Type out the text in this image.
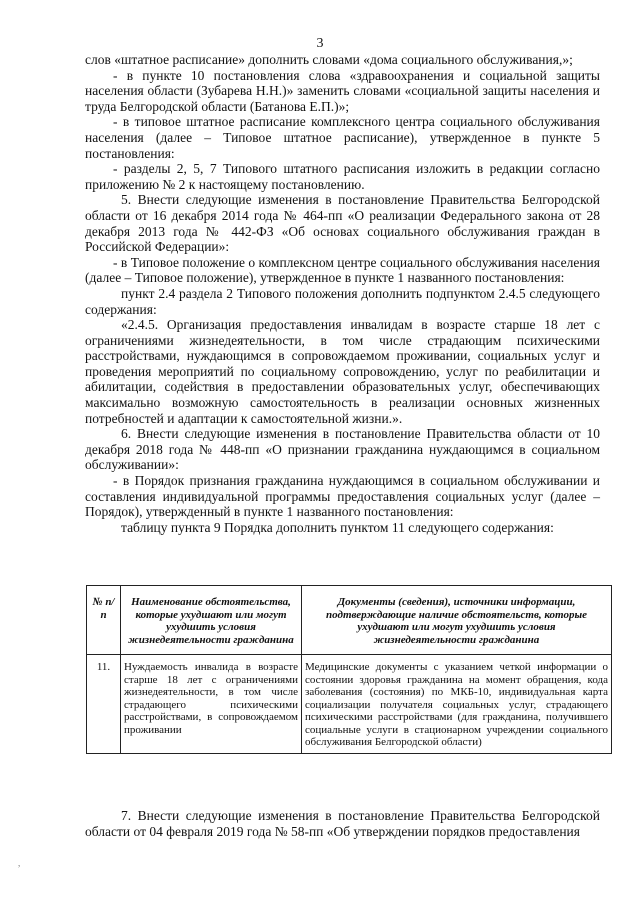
3

слов «штатное расписание» дополнить словами «дома социального обслуживания,»;

- в пункте 10 постановления слова «здравоохранения и социальной защиты населения области (Зубарева Н.Н.)» заменить словами «социальной защиты населения и труда Белгородской области (Батанова Е.П.)»;

- в типовое штатное расписание комплексного центра социального обслуживания населения (далее – Типовое штатное расписание), утвержденное в пункте 5 постановления:

- разделы 2, 5, 7 Типового штатного расписания изложить в редакции согласно приложению № 2 к настоящему постановлению.

5. Внести следующие изменения в постановление Правительства Белгородской области от 16 декабря 2014 года № 464-пп «О реализации Федерального закона от 28 декабря 2013 года № 442-ФЗ «Об основах социального обслуживания граждан в Российской Федерации»:

- в Типовое положение о комплексном центре социального обслуживания населения (далее – Типовое положение), утвержденное в пункте 1 названного постановления:

пункт 2.4 раздела 2 Типового положения дополнить подпунктом 2.4.5 следующего содержания:

«2.4.5. Организация предоставления инвалидам в возрасте старше 18 лет с ограничениями жизнедеятельности, в том числе страдающим психическими расстройствами, нуждающимся в сопровождаемом проживании, социальных услуг и проведения мероприятий по социальному сопровождению, услуг по реабилитации и абилитации, содействия в предоставлении образовательных услуг, обеспечивающих максимально возможную самостоятельность в реализации основных жизненных потребностей и адаптации к самостоятельной жизни.».

6. Внести следующие изменения в постановление Правительства области от 10 декабря 2018 года № 448-пп «О признании гражданина нуждающимся в социальном обслуживании»:

- в Порядок признания гражданина нуждающимся в социальном обслуживании и составления индивидуальной программы предоставления социальных услуг (далее – Порядок), утвержденный в пункте 1 названного постановления:

таблицу пункта 9 Порядка дополнить пунктом 11 следующего содержания:

№ п/п	Наименование обстоятельства, которые ухудшают или могут ухудшить условия жизнедеятельности гражданина	Документы (сведения), источники информации, подтверждающие наличие обстоятельств, которые ухудшают или могут ухудшить условия жизнедеятельности гражданина
11.	Нуждаемость инвалида в возрасте старше 18 лет с ограничениями жизнедеятельности, в том числе страдающего психическими расстройствами, в сопровождаемом проживании	Медицинские документы с указанием четкой информации о состоянии здоровья гражданина на момент обращения, кода заболевания (состояния) по МКБ-10, индивидуальная карта социализации получателя социальных услуг, страдающего психическими расстройствами (для гражданина, получившего социальные услуги в стационарном учреждении социального обслуживания Белгородской области)

7. Внести следующие изменения в постановление Правительства Белгородской области от 04 февраля 2019 года № 58-пп «Об утверждении порядков предоставления

,
